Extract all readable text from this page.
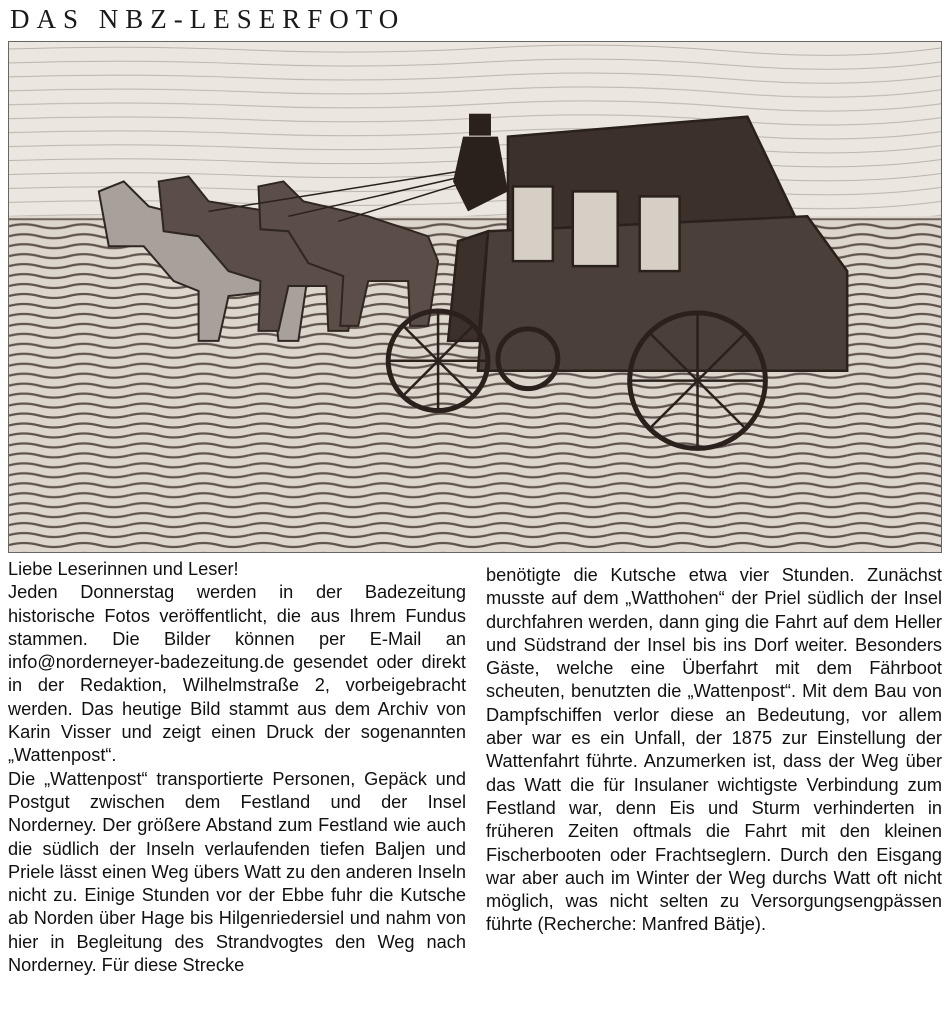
DAS NBZ-LESERFOTO

Liebe Leserinnen und Leser!

Jeden Donnerstag werden in der Badezeitung historische Fotos veröffentlicht, die aus Ihrem Fundus stammen. Die Bilder können per E-Mail an info@norderneyer-badezeitung.de gesendet oder direkt in der Redaktion, Wilhelmstraße 2, vorbeigebracht werden. Das heutige Bild stammt aus dem Archiv von Karin Visser und zeigt einen Druck der sogenannten „Wattenpost“.

Die „Wattenpost“ transportierte Personen, Gepäck und Postgut zwischen dem Festland und der Insel Norderney. Der größere Abstand zum Festland wie auch die südlich der Inseln verlaufenden tiefen Baljen und Priele lässt einen Weg übers Watt zu den anderen Inseln nicht zu. Einige Stunden vor der Ebbe fuhr die Kutsche ab Norden über Hage bis Hilgenriedersiel und nahm von hier in Begleitung des Strandvogtes den Weg nach Norderney. Für diese Strecke

benötigte die Kutsche etwa vier Stunden. Zunächst musste auf dem „Watthohen“ der Priel südlich der Insel durchfahren werden, dann ging die Fahrt auf dem Heller und Südstrand der Insel bis ins Dorf weiter. Besonders Gäste, welche eine Überfahrt mit dem Fährboot scheuten, benutzten die „Wattenpost“. Mit dem Bau von Dampfschiffen verlor diese an Bedeutung, vor allem aber war es ein Unfall, der 1875 zur Einstellung der Wattenfahrt führte. Anzumerken ist, dass der Weg über das Watt die für Insulaner wichtigste Verbindung zum Festland war, denn Eis und Sturm verhinderten in früheren Zeiten oftmals die Fahrt mit den kleinen Fischerbooten oder Frachtseglern. Durch den Eisgang war aber auch im Winter der Weg durchs Watt oft nicht möglich, was nicht selten zu Versorgungsengpässen führte (Recherche: Manfred Bätje).
